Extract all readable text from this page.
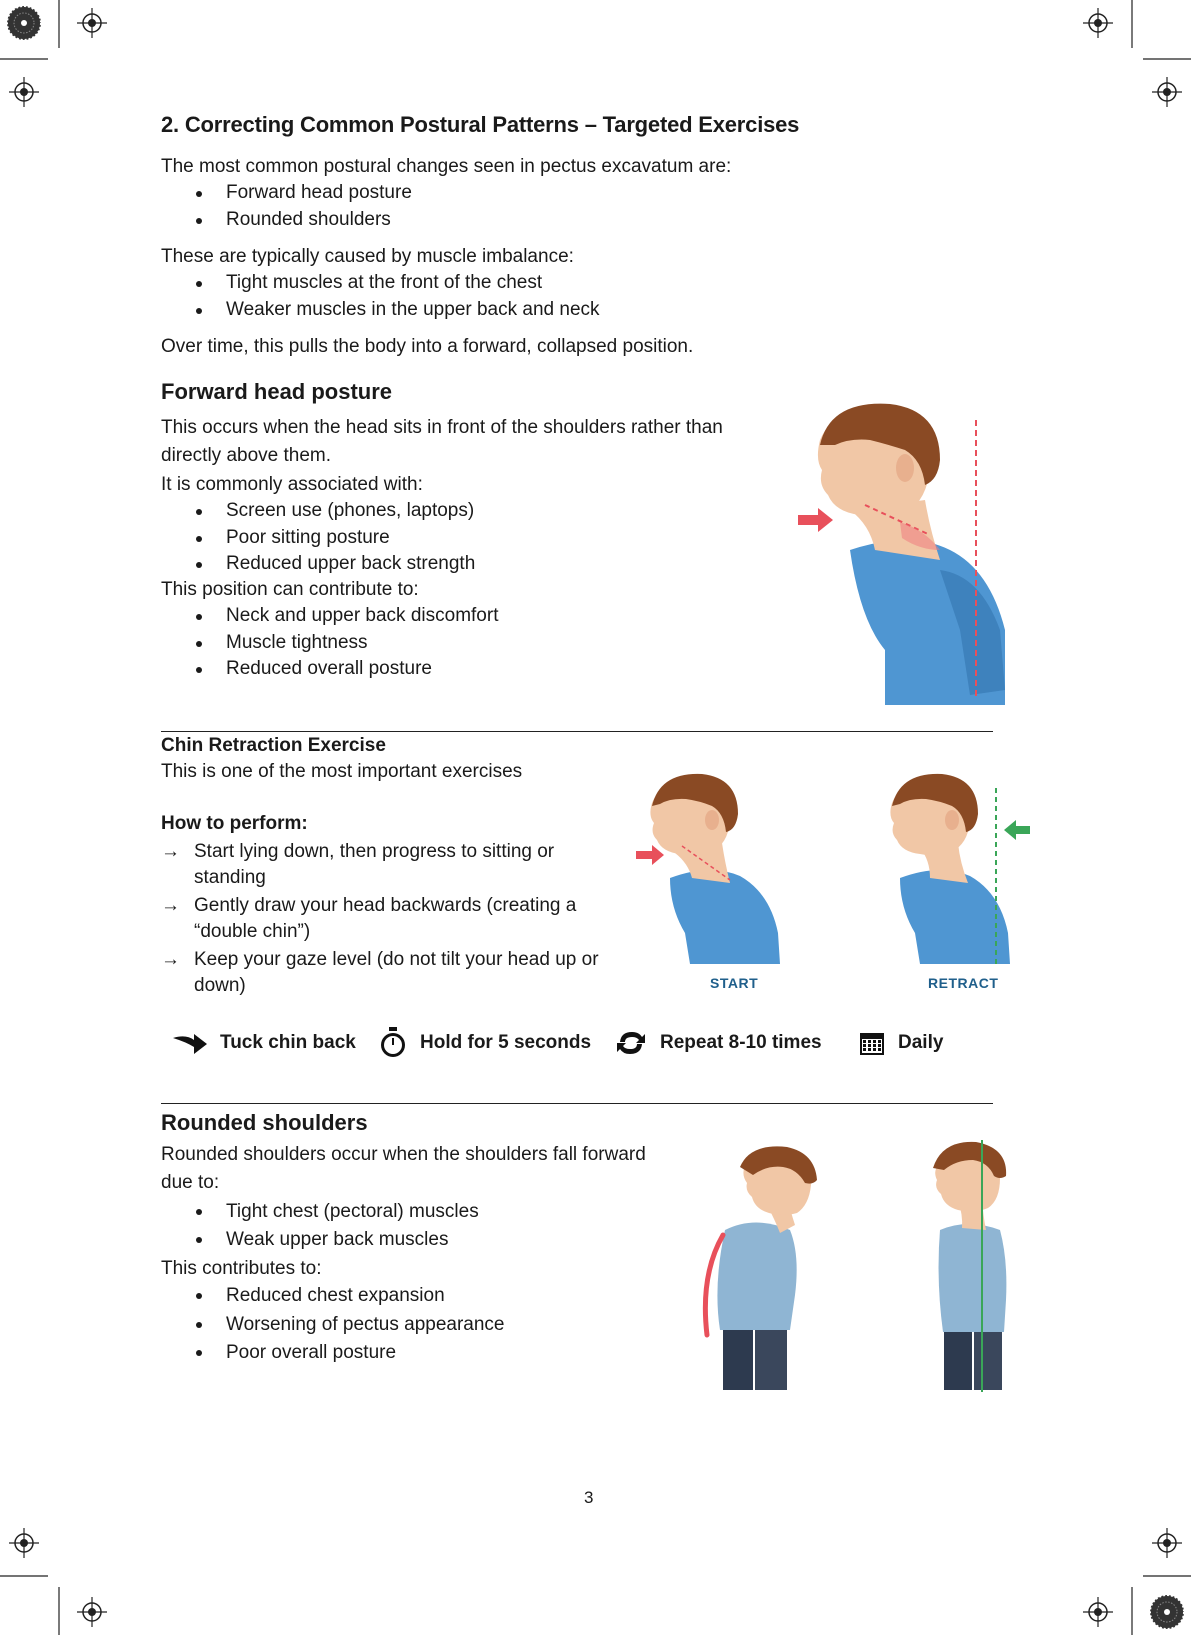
2. Correcting Common Postural Patterns – Targeted Exercises

The most common postural changes seen in pectus excavatum are:

Forward head posture
Rounded shoulders

These are typically caused by muscle imbalance:

Tight muscles at the front of the chest
Weaker muscles in the upper back and neck

Over time, this pulls the body into a forward, collapsed position.

Forward head posture

This occurs when the head sits in front of the shoulders rather than directly above them.

It is commonly associated with:

Screen use (phones, laptops)
Poor sitting posture
Reduced upper back strength

This position can contribute to:

Neck and upper back discomfort
Muscle tightness
Reduced overall posture
Chin Retraction Exercise
This is one of the most important exercises
How to perform:
→ Start lying down, then progress to sitting or standing
→ Gently draw your head backwards (creating a “double chin”)
→ Keep your gaze level (do not tilt your head up or down)	START	RETRACT
Tuck chin back	Hold for 5 seconds	Repeat 8-10 times	Daily
Rounded shoulders

Rounded shoulders occur when the shoulders fall forward due to:

Tight chest (pectoral) muscles
Weak upper back muscles

This contributes to:

Reduced chest expansion
Worsening of pectus appearance
Poor overall posture
3
